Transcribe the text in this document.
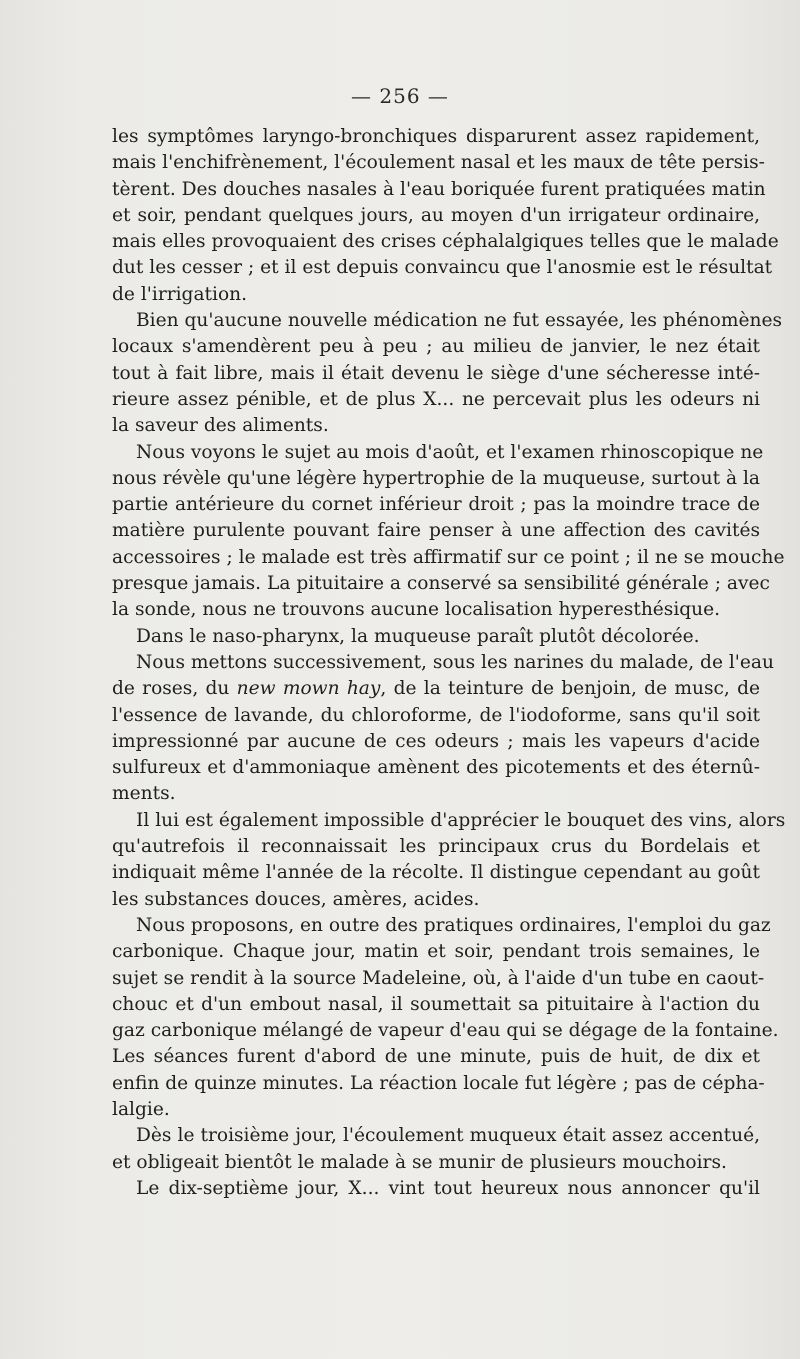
— 256 —
les symptômes laryngo-bronchiques disparurent assez rapidement,
mais l'enchifrènement, l'écoulement nasal et les maux de tête persis-
tèrent. Des douches nasales à l'eau boriquée furent pratiquées matin
et soir, pendant quelques jours, au moyen d'un irrigateur ordinaire,
mais elles provoquaient des crises céphalalgiques telles que le malade
dut les cesser ; et il est depuis convaincu que l'anosmie est le résultat
de l'irrigation.
Bien qu'aucune nouvelle médication ne fut essayée, les phénomènes
locaux s'amendèrent peu à peu ; au milieu de janvier, le nez était
tout à fait libre, mais il était devenu le siège d'une sécheresse inté-
rieure assez pénible, et de plus X... ne percevait plus les odeurs ni
la saveur des aliments.
Nous voyons le sujet au mois d'août, et l'examen rhinoscopique ne
nous révèle qu'une légère hypertrophie de la muqueuse, surtout à la
partie antérieure du cornet inférieur droit ; pas la moindre trace de
matière purulente pouvant faire penser à une affection des cavités
accessoires ; le malade est très affirmatif sur ce point ; il ne se mouche
presque jamais. La pituitaire a conservé sa sensibilité générale ; avec
la sonde, nous ne trouvons aucune localisation hyperesthésique.
Dans le naso-pharynx, la muqueuse paraît plutôt décolorée.
Nous mettons successivement, sous les narines du malade, de l'eau
de roses, du new mown hay, de la teinture de benjoin, de musc, de
l'essence de lavande, du chloroforme, de l'iodoforme, sans qu'il soit
impressionné par aucune de ces odeurs ; mais les vapeurs d'acide
sulfureux et d'ammoniaque amènent des picotements et des éternû-
ments.
Il lui est également impossible d'apprécier le bouquet des vins, alors
qu'autrefois il reconnaissait les principaux crus du Bordelais et
indiquait même l'année de la récolte. Il distingue cependant au goût
les substances douces, amères, acides.
Nous proposons, en outre des pratiques ordinaires, l'emploi du gaz
carbonique. Chaque jour, matin et soir, pendant trois semaines, le
sujet se rendit à la source Madeleine, où, à l'aide d'un tube en caout-
chouc et d'un embout nasal, il soumettait sa pituitaire à l'action du
gaz carbonique mélangé de vapeur d'eau qui se dégage de la fontaine.
Les séances furent d'abord de une minute, puis de huit, de dix et
enfin de quinze minutes. La réaction locale fut légère ; pas de cépha-
lalgie.
Dès le troisième jour, l'écoulement muqueux était assez accentué,
et obligeait bientôt le malade à se munir de plusieurs mouchoirs.
Le dix-septième jour, X... vint tout heureux nous annoncer qu'il
